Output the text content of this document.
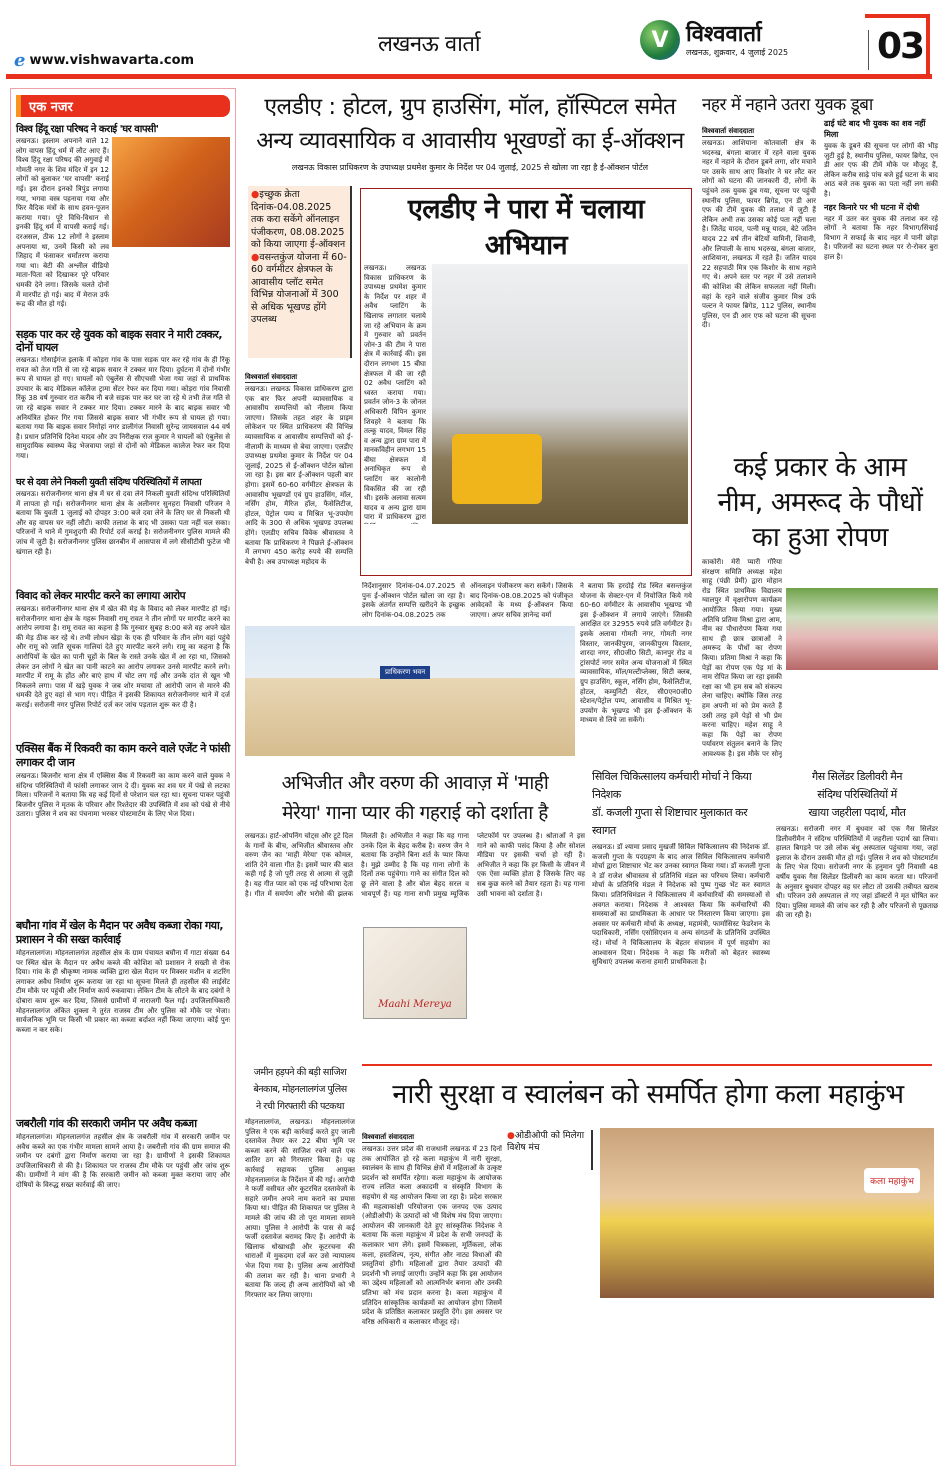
e www.vishwavarta.com
लखनऊ वार्ता	V विश्ववार्ता
लखनऊ, शुक्रवार, 4 जुलाई 2025 03
एक नजर
विश्व हिंदू रक्षा परिषद ने कराई 'घर वापसी'
लखनऊ। इस्लाम अपनाने वाले 12 लोग वापस हिंदू धर्म में लौट आए हैं। विश्व हिंदू रक्षा परिषद की अगुवाई में गोमती नगर के शिव मंदिर में इन 12 लोगों को बुलाकर 'घर वापसी' कराई गई। इस दौरान इनको त्रिपुंड लगाया गया, भगवा वस्त्र पहनाया गया और फिर वैदिक मंत्रों के साथ हवन-पूजन कराया गया। पूरे विधि-विधान से इनकी हिंदू धर्म में वापसी कराई गई। दरअसल, ठीक 12 लोगों ने इस्लाम अपनाया था, उनमें किसी को लव जिहाद में फंसाकर धर्मांतरण कराया गया था। बेटी की अश्लील वीडियो माता-पिता को दिखाकर पूरे परिवार धमकी देने लगा। जिसके चलते दोनों में मारपीट हो गई। बाद में मेराज उर्फ रूद्र की मौत हो गई।
सड़क पार कर रहे युवक को बाइक सवार ने मारी टक्कर, दोनों घायल
लखनऊ। गोसाईगंज इलाके में कोड़रा गांव के पास सड़क पार कर रहे गांव के ही रिंकू रावत को तेज गति से जा रहे बाइक सवार ने टक्कर मार दिया। दुर्घटना में दोनों गंभीर रूप से घायल हो गए। घायलों को एंबुलेंस से सीएचसी भेजा गया जहां से प्राथमिक उपचार के बाद मेडिकल कॉलेज ट्रामा सेंटर रेफर कर दिया गया। कोड़रा गांव निवासी रिंकू 38 वर्ष गुरुवार रात करीब नौ बजे सड़क पार कर घर जा रहे थे तभी तेज गति से जा रहे बाइक सवार ने टक्कर मार दिया। टक्कर मारने के बाद बाइक सवार भी अनियंत्रित होकर गिर गया जिससे बाइक सवार भी गंभीर रूप से घायल हो गया। बताया गया कि बाइक सवार निगोहां नगर डालीगंज निवासी सुरेन्द्र जायसवाल 44 वर्ष है। प्रधान प्रतिनिधि दिनेश यादव और उप निरीक्षक राज कुमार ने घायलों को एंबुलेंस से सामुदायिक स्वास्थ्य केंद्र भेजवाया जहां से दोनों को मेडिकल कालेज रेफर कर दिया गया।
घर से दवा लेने निकली युवती संदिग्ध परिस्थितियों में लापता
लखनऊ। सरोजनीनगर थाना क्षेत्र में घर से दवा लेने निकली युवती संदिग्ध परिस्थितियों में लापता हो गई। सरोजनीनगर थाना क्षेत्र के अलीनगर सुनहरा निवासी परिजन ने बताया कि युवती 1 जुलाई को दोपहर 3:00 बजे दवा लेने के लिए घर से निकली थी और वह वापस घर नहीं लौटी। काफी तलाश के बाद भी उसका पता नहीं चल सका। परिजनों ने थाने में गुमशुदगी की रिपोर्ट दर्ज कराई है। सरोजनीनगर पुलिस मामले की जांच में जुटी है। सरोजनीनगर पुलिस छानबीन में आसपास में लगे सीसीटीवी फुटेज भी खंगाल रही है।
विवाद को लेकर मारपीट करने का लगाया आरोप
लखनऊ। सरोजनीनगर थाना क्षेत्र में खेत की मेड़ के विवाद को लेकर मारपीट हो गई। सरोजनीनगर थाना क्षेत्र के गहरू निवासी रामू रावत ने तीन लोगों पर मारपीट करने का आरोप लगाया है। रामू रावत का कहना है कि गुरुवार सुबह 8:00 बजे वह अपने खेत की मेड़ ठीक कर रहे थे। तभी लोधन खेड़ा के एक ही परिवार के तीन लोग वहां पहुंचे और रामू को जाति सूचक गालियां देते हुए मारपीट करने लगे। रामू का कहना है कि आरोपियों के खेत का पानी चूहों के बिल के रास्ते उनके खेत में आ रहा था, जिसको लेकर उन लोगों ने खेत का पानी काटने का आरोप लगाकर उनसे मारपीट करने लगे। मारपीट में रामू के होंठ और बाएं हाथ में चोट लग गई और उनके दांत से खून भी निकलने लगा। पास में खड़े युवक ने जब शोर मचाया तो आरोपी जान से मारने की धमकी देते हुए वहां से भाग गए। पीड़ित ने इसकी शिकायत सरोजनीनगर थाने में दर्ज कराई। सरोजनी नगर पुलिस रिपोर्ट दर्ज कर जांच पड़ताल शुरू कर दी है।
एक्सिस बैंक में रिकवरी का काम करने वाले एजेंट ने फांसी लगाकर दी जान
लखनऊ। बिजनौर थाना क्षेत्र में एक्सिस बैंक में रिकवरी का काम करने वाले युवक ने संदिग्ध परिस्थितियों में फांसी लगाकर जान दे दी। युवक का शव घर में पंखे से लटका मिला। परिजनों ने बताया कि वह कई दिनों से परेशान चल रहा था। सूचना पाकर पहुंची बिजनौर पुलिस ने मृतक के परिवार और रिश्तेदार की उपस्थिति में शव को पंखे से नीचे उतारा। पुलिस ने शव का पंचनामा भरकर पोस्टमार्टम के लिए भेज दिया।
बघौना गांव में खेल के मैदान पर अवैध कब्जा रोका गया, प्रशासन ने की सख्त कार्रवाई
मोहनलालगंज। मोहनलालगंज तहसील क्षेत्र के ग्राम पंचायत बघौना में गाटा संख्या 64 पर स्थित खेल के मैदान पर अवैध कब्जे की कोशिश को प्रशासन ने सख्ती से रोक दिया। गांव के ही श्रीकृष्ण नामक व्यक्ति द्वारा खेल मैदान पर मिक्सर मशीन व शटरिंग लगाकर अवैध निर्माण शुरू कराया जा रहा था सूचना मिलते ही तहसील की लाईसेंट टीम मौके पर पहुंची और निर्माण कार्य रुकवाया। लेकिन टीम के लौटने के बाद दबंगों ने दोबारा काम शुरू कर दिया, जिससे ग्रामीणों में नाराजगी फैल गई। उपजिलाधिकारी मोहनलालगंज अंकित शुक्ला ने तुरंत राजस्व टीम और पुलिस को मौके पर भेजा। सार्वजनिक भूमि पर किसी भी प्रकार का कब्जा बर्दाश्त नहीं किया जाएगा। कोई पुनः कब्जा न कर सके।
जबरौली गांव की सरकारी जमीन पर अवैध कब्जा
मोहनलालगंज। मोहनलालगंज तहसील क्षेत्र के जबरौली गांव में सरकारी जमीन पर अवैध कब्जे का एक गंभीर मामला सामने आया है। जबरौली गांव की ग्राम समाज की जमीन पर दबंगों द्वारा निर्माण कराया जा रहा है। ग्रामीणों ने इसकी शिकायत उपजिलाधिकारी से की है। शिकायत पर राजस्व टीम मौके पर पहुंची और जांच शुरू की। ग्रामीणों ने मांग की है कि सरकारी जमीन को कब्जा मुक्त कराया जाए और दोषियों के विरुद्ध सख्त कार्रवाई की जाए।
एलडीए : होटल, ग्रुप हाउसिंग, मॉल, हॉस्पिटल समेत
अन्य व्यावसायिक व आवासीय भूखण्डों का ई-ऑक्शन
लखनऊ विकास प्राधिकरण के उपाध्यक्ष प्रथमेश कुमार के निर्देश पर 04 जुलाई, 2025 से खोला जा रहा है ई-ऑक्शन पोर्टल
●इच्छुक क्रेता दिनांक-04.08.2025 तक करा सकेंगे ऑनलाइन पंजीकरण, 08.08.2025 को किया जाएगा ई-ऑक्शन
●वसन्तकुंज योजना में 60-60 वर्गमीटर क्षेत्रफल के आवासीय प्लॉट समेत विभिन्न योजनाओं में 300 से अधिक भूखण्ड होंगे उपलब्ध
विश्ववार्ता संवाददाता
लखनऊ। लखनऊ विकास प्राधिकरण द्वारा एक बार फिर अपनी व्यावसायिक व आवासीय सम्पत्तियों को नीलाम किया जाएगा। जिसके तहत शहर के प्राइम लोकेशन पर स्थित प्राधिकरण की विभिन्न व्यावसायिक व आवासीय सम्पत्तियों को ई-नीलामी के माध्यम से बेचा जाएगा। एलडीए उपाध्यक्ष प्रथमेश कुमार के निर्देश पर 04 जुलाई, 2025 से ई-ऑक्शन पोर्टल खोला जा रहा है। इस बार ई-ऑक्शन पहली बार होगा। इसमें 60-60 वर्गमीटर क्षेत्रफल के आवासीय भूखण्डों एवं ग्रुप हाउसिंग, मॉल, नर्सिंग होम, मैरिज हॉल, फैसेलिटीज, होटल, पेट्रोल पम्प व मिश्रित भू-उपयोग आदि के 300 से अधिक भूखण्ड उपलब्ध होंगे। एलडीए सचिव विवेक श्रीवास्तव ने बताया कि प्राधिकरण ने पिछले ई-ऑक्शन में लगभग 450 करोड़ रुपये की सम्पत्ति बेची है। अब उपाध्यक्ष महोदय के
निर्देशानुसार दिनांक-04.07.2025 से पुनः ई-ऑक्शन पोर्टल खोला जा रहा है। इसके अंतर्गत सम्पत्ति खरीदने के इच्छुक लोग दिनांक-04.08.2025 तक
ऑनलाइन पंजीकरण करा सकेंगे। जिसके बाद दिनांक-08.08.2025 को पंजीकृत आवेदकों के मध्य ई-ऑक्शन किया जाएगा। अपर सचिव ज्ञानेन्द्र वर्मा
ने बताया कि हरदोई रोड स्थित बसन्तकुंज योजना के सेक्टर-एन में नियोजित किये गये 60-60 वर्गमीटर के आवासीय भूखण्ड भी इस ई-ऑक्शन में लगाये जाएंगे। जिसकी आरक्षित दर 32955 रुपये प्रति वर्गमीटर है। इसके अलावा गोमती नगर, गोमती नगर विस्तार, जानकीपुरम, जानकीपुरम विस्तार, शारदा नगर, सी0जी0 सिटी, कानपुर रोड व ट्रांसपोर्ट नगर समेत अन्य योजनाओं में स्थित व्यावसायिक, मॉल/मल्टीप्लेक्स, सिटी क्लब, ग्रुप हाउसिंग, स्कूल, नर्सिंग होम, फैसेलिटीज, होटल, कम्युनिटी सेंटर, सी0एन0जी0 स्टेशन/पेट्रोल पम्प, आवासीय व मिश्रित भू-उपयोग के भूखण्ड भी इस ई-ऑक्शन के माध्यम से लिये जा सकेंगे।
प्राधिकरण भवन
एलडीए ने पारा में चलाया अभियान
लखनऊ। लखनऊ विकास प्राधिकरण के उपाध्यक्ष प्रथमेश कुमार के निर्देश पर शहर में अवैध प्लाटिंग के खिलाफ लगातार चलाये जा रहे अभियान के क्रम में गुरुवार को प्रवर्तन जोन-3 की टीम ने पारा क्षेत्र में कार्रवाई की। इस दौरान लगभग 15 बीघा क्षेत्रफल में की जा रही 02 अवैध प्लाटिंग को ध्वस्त कराया गया। प्रवर्तन जोन-3 के जोनल अधिकारी विपिन कुमार शिवहरे ने बताया कि तल्कू यादव, विमल सिंह व अन्य द्वारा ग्राम पारा में मानकविहीन लगभग 15 बीघा क्षेत्रफल में अनाधिकृत रूप से प्लाटिंग कर कालोनी विकसित की जा रही थी। इसके अलावा सत्यम यादव व अन्य द्वारा ग्राम पारा में प्राधिकरण द्वारा
नहर में नहाने उतरा युवक डूबा
विश्ववार्ता संवाददाता
लखनऊ। आशियाना कोतवाली क्षेत्र के भदरुख, बंगला बाजार में रहने वाला युवक नहर में नहाने के दौरान डूबने लगा, शोर मचाने पर उसके साथ आए किशोर ने घर लौट कर लोगों को घटना की जानकारी दी, लोगों के पहुंचने तक युवक डूब गया, सूचना पर पहुंची स्थानीय पुलिस, फायर ब्रिगेड, एन डी आर एफ की टीमें युवक की तलाश में जुटी हैं लेकिन अभी तक उसका कोई पता नहीं चला है। जितेंद्र यादव, पत्नी मन्नू यादव, बेटे जतिन यादव 22 वर्ष तीन बेटियों यामिनी, शिवानी, और लिपाली के साथ भदरुख, बंगला बाजार, आशियाना, लखनऊ में रहते हैं। जतिन यादव 22 सहपाठी मित्र एक किशोर के साथ नहाने गए थे। अपने स्तर पर नहर में उसे तलाशने की कोशिश की लेकिन सफलता नहीं मिली। वहां के रहने वाले संजीव कुमार मिश्र उर्फ पल्टन ने फायर ब्रिगेड, 112 पुलिस, स्थानीय पुलिस, एन डी आर एफ को घटना की सूचना दी।
ढाई घंटे बाद भी युवक का शव नहीं मिला
युवक के डूबने की सूचना पर लोगों की भीड़ जुटी हुई है, स्थानीय पुलिस, फायर ब्रिगेड, एन डी आर एफ की टीमें मौके पर मौजूद हैं, लेकिन करीब साढ़े पांच बजे हुई घटना के बाद आठ बजे तक युवक का पता नहीं लग सकी है।
नहर किनारे पर भी घटना में दोषी
नहर में उतर कर युवक की तलाश कर रहे लोगों ने बताया कि नहर विभाग/सिंचाई विभाग ने सफाई के बाद नहर में पानी छोड़ा है। परिजनों का घटना स्थल पर रो-रोकर बुरा हाल है।
कई प्रकार के आम
नीम, अमरूद के पौधों
का हुआ रोपण
काकोरी। मेरी प्यारी गौरैया संरक्षण समिति अध्यक्ष महेश साहू (पंछी प्रेमी) द्वारा मोहान रोड स्थित प्राथमिक विद्यालय ग्वालपुर में वृक्षारोपण कार्यक्रम आयोजित किया गया। मुख्य अतिथि प्रतिमा मिश्रा द्वारा आम, नीम का पौधारोपण किया गया साथ ही छात्र छात्राओं ने अमरूद के पौधों का रोपण किया। प्रतिमा मिश्रा ने कहा कि पेड़ों का रोपण एक पेड़ मां के नाम रोपित किया जा रहा इसकी रक्षा का भी हम सब को संकल्प लेना चाहिए। क्योंकि जिस तरह हम अपनी मां को प्रेम करते हैं उसी तरह हमें पेड़ों से भी प्रेम करना चाहिए। महेश साहू ने कहा कि पेड़ों का रोपण पर्यावरण संतुलन बनाने के लिए आवश्यक है। इस मौके पर सोनू
अभिजीत और वरुण की आवाज़ में 'माही
मेरेया' गाना प्यार की गहराई को दर्शाता है
लखनऊ। हार्ट-ओपनिंग चोट्स और टूटे दिल के गानों के बीच, अभिजीत श्रीवास्तव और वरुण जैन का 'माही मेरेया' एक कोमल, शांति देने वाला गीत है। इसमें प्यार की बात कही गई है जो पूरी तरह से आत्मा से जुड़ी है। यह गीत प्यार को एक नई परिभाषा देता है। गीत में समर्पण और भरोसे की झलक मिलती है। अभिजीत ने कहा कि यह गाना उनके दिल के बेहद करीब है। वरुण जैन ने बताया कि उन्होंने बिना शर्त के प्यार किया है। मुझे उम्मीद है कि यह गाना लोगों के दिलों तक पहुंचेगा। गाने का संगीत दिल को छू लेने वाला है और बोल बेहद सरल व भावपूर्ण हैं। यह गाना सभी प्रमुख म्यूजिक प्लेटफॉर्म पर उपलब्ध है। श्रोताओं ने इस गाने को काफी पसंद किया है और सोशल मीडिया पर इसकी चर्चा हो रही है। अभिजीत ने कहा कि हर किसी के जीवन में एक ऐसा व्यक्ति होता है जिसके लिए वह सब कुछ करने को तैयार रहता है। यह गाना उसी भावना को दर्शाता है।
Maahi Mereya
सिविल चिकित्सालय कर्मचारी मोर्चा ने किया निदेशक
डॉ. कजली गुप्ता से शिष्टाचार मुलाकात कर स्वागत
लखनऊ। डॉ श्यामा प्रसाद मुखर्जी सिविल चिकित्सालय की निदेशक डॉ. कजली गुप्ता के पदग्रहण के बाद आज सिविल चिकित्सालय कर्मचारी मोर्चा द्वारा शिष्टाचार भेंट कर उनका स्वागत किया गया। डॉ कजली गुप्ता ने डॉ राजेश श्रीवास्तव से प्रतिनिधि मंडल का परिचय लिया। कर्मचारी मोर्चा के प्रतिनिधि मंडल ने निदेशक को पुष्प गुच्छ भेंट कर स्वागत किया। प्रतिनिधिमंडल ने चिकित्सालय में कर्मचारियों की समस्याओं से अवगत कराया। निदेशक ने आश्वस्त किया कि कर्मचारियों की समस्याओं का प्राथमिकता के आधार पर निस्तारण किया जाएगा। इस अवसर पर कर्मचारी मोर्चा के अध्यक्ष, महामंत्री, फार्मासिस्ट फेडरेशन के पदाधिकारी, नर्सिंग एसोसिएशन व अन्य संगठनों के प्रतिनिधि उपस्थित रहे। मोर्चा ने चिकित्सालय के बेहतर संचालन में पूर्ण सहयोग का आश्वासन दिया। निदेशक ने कहा कि मरीजों को बेहतर स्वास्थ्य सुविधाएं उपलब्ध कराना हमारी प्राथमिकता है।
गैस सिलेंडर डिलीवरी मैन
संदिग्ध परिस्थितियों में
खाया जहरीला पदार्थ, मौत
लखनऊ। सरोजनी नगर में बुधवार को एक गैस सिलेंडर डिलीवरीमैन ने संदिग्ध परिस्थितियों में जहरीला पदार्थ खा लिया। हालत बिगड़ने पर उसे लोक बंधु अस्पताल पहुंचाया गया, जहां इलाज के दौरान उसकी मौत हो गई। पुलिस ने शव को पोस्टमार्टम के लिए भेज दिया। सरोजनी नगर के हनुमान पुरी निवासी 48 वर्षीय युवक गैस सिलेंडर डिलीवरी का काम करता था। परिजनों के अनुसार बुधवार दोपहर वह घर लौटा तो उसकी तबीयत खराब थी। परिजन उसे अस्पताल ले गए जहां डॉक्टरों ने मृत घोषित कर दिया। पुलिस मामले की जांच कर रही है और परिजनों से पूछताछ की जा रही है।
जमीन हड़पने की बड़ी साजिश
बेनकाब, मोहनलालगंज पुलिस
ने रची गिरफ्तारी की पटकथा
मोहनलालगंज, लखनऊ। मोहनलालगंज पुलिस ने एक बड़ी कार्रवाई करते हुए जाली दस्तावेज तैयार कर 22 बीघा भूमि पर कब्जा करने की साजिश रचने वाले एक शातिर ठग को गिरफ्तार किया है। यह कार्रवाई सहायक पुलिस आयुक्त मोहनलालगंज के निर्देशन में की गई। आरोपी ने फर्जी वसीयत और कूटरचित दस्तावेजों के सहारे जमीन अपने नाम कराने का प्रयास किया था। पीड़ित की शिकायत पर पुलिस ने मामले की जांच की तो पूरा मामला सामने आया। पुलिस ने आरोपी के पास से कई फर्जी दस्तावेज बरामद किए हैं। आरोपी के खिलाफ धोखाधड़ी और कूटरचना की धाराओं में मुकदमा दर्ज कर उसे न्यायालय भेज दिया गया है। पुलिस अन्य आरोपियों की तलाश कर रही है। थाना प्रभारी ने बताया कि जल्द ही अन्य आरोपियों को भी गिरफ्तार कर लिया जाएगा।
नारी सुरक्षा व स्वालंबन को समर्पित होगा कला महाकुंभ
विश्ववार्ता संवाददाता
लखनऊ। उत्तर प्रदेश की राजधानी लखनऊ में 23 दिनों तक आयोजित हो रहे कला महाकुंभ में नारी सुरक्षा, स्वालंबन के साथ ही विभिन्न क्षेत्रों में महिलाओं के उत्कृष्ट प्रदर्शन को समर्पित रहेगा। कला महाकुंभ के आयोजक राज्य ललित कला अकादमी व संस्कृति विभाग के सहयोग से यह आयोजन किया जा रहा है। प्रदेश सरकार की महत्वाकांक्षी परियोजना एक जनपद एक उत्पाद (ओडीओपी) के उत्पादों को भी विशेष मंच दिया जाएगा। आयोजन की जानकारी देते हुए सांस्कृतिक निदेशक ने बताया कि कला महाकुंभ में प्रदेश के सभी जनपदों के कलाकार भाग लेंगे। इसमें चित्रकला, मूर्तिकला, लोक कला, हस्तशिल्प, नृत्य, संगीत और नाट्य विधाओं की प्रस्तुतियां होंगी। महिलाओं द्वारा तैयार उत्पादों की प्रदर्शनी भी लगाई जाएगी। उन्होंने कहा कि इस आयोजन का उद्देश्य महिलाओं को आत्मनिर्भर बनाना और उनकी प्रतिभा को मंच प्रदान करना है। कला महाकुंभ में प्रतिदिन सांस्कृतिक कार्यक्रमों का आयोजन होगा जिसमें प्रदेश के प्रतिष्ठित कलाकार प्रस्तुति देंगे। इस अवसर पर वरिष्ठ अधिकारी व कलाकार मौजूद रहे।
●ओडीओपी को मिलेगा विशेष मंच
कला महाकुंभ
